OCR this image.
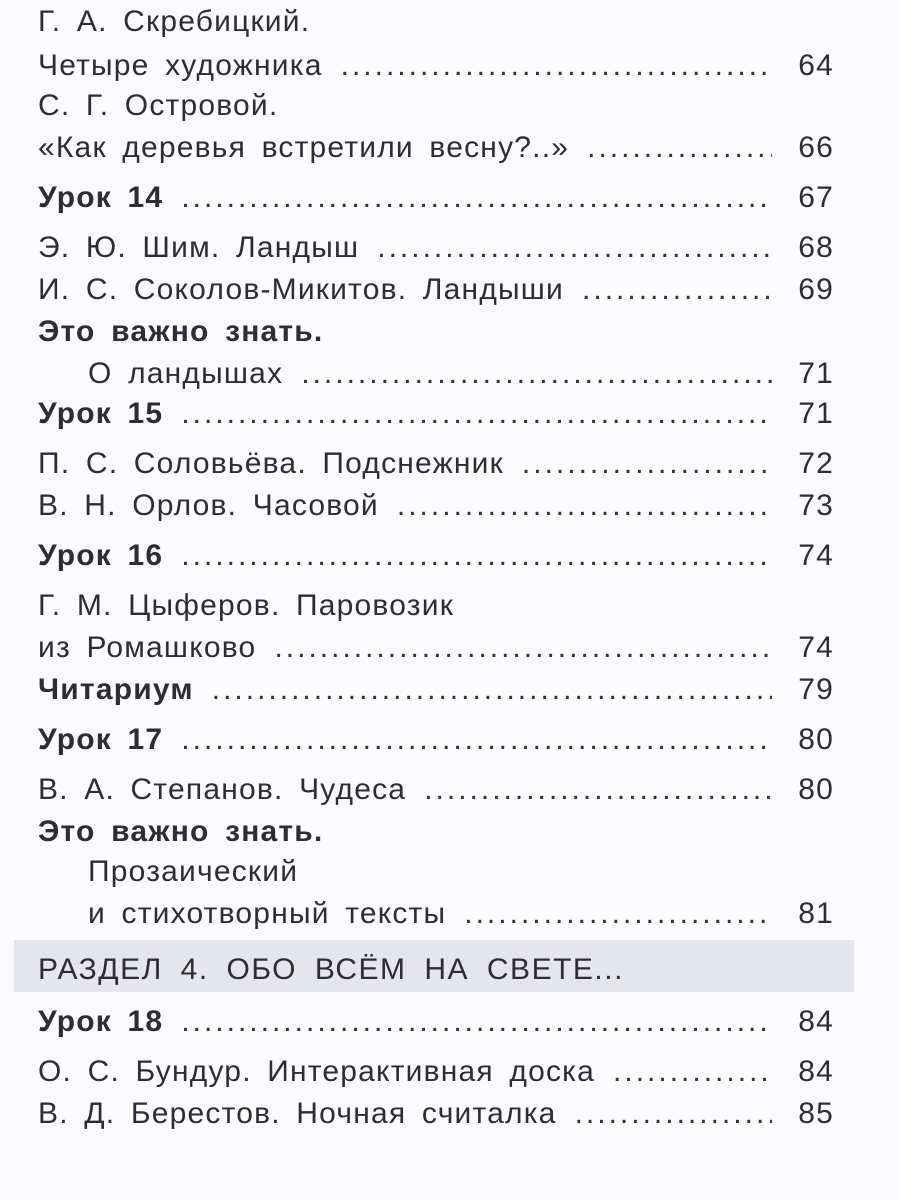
Г. А. Скребицкий.
Четыре художника .....	64
С. Г. Островой.
«Как деревья встретили весну?..» .....	66
Урок 14 .....	67
Э. Ю. Шим. Ландыш .....	68
И. С. Соколов-Микитов. Ландыши .....	69
Это важно знать.
О ландышах .....	71
Урок 15 .....	71
П. С. Соловьёва. Подснежник .....	72
В. Н. Орлов. Часовой .....	73
Урок 16 .....	74
Г. М. Цыферов. Паровозик
из Ромашково .....	74
Читариум .....	79
Урок 17 .....	80
В. А. Степанов. Чудеса .....	80
Это важно знать.
Прозаический
и стихотворный тексты .....	81
РАЗДЕЛ 4. ОБО ВСЁМ НА СВЕТЕ...
Урок 18 .....	84
О. С. Бундур. Интерактивная доска .....	84
В. Д. Берестов. Ночная считалка .....	85
